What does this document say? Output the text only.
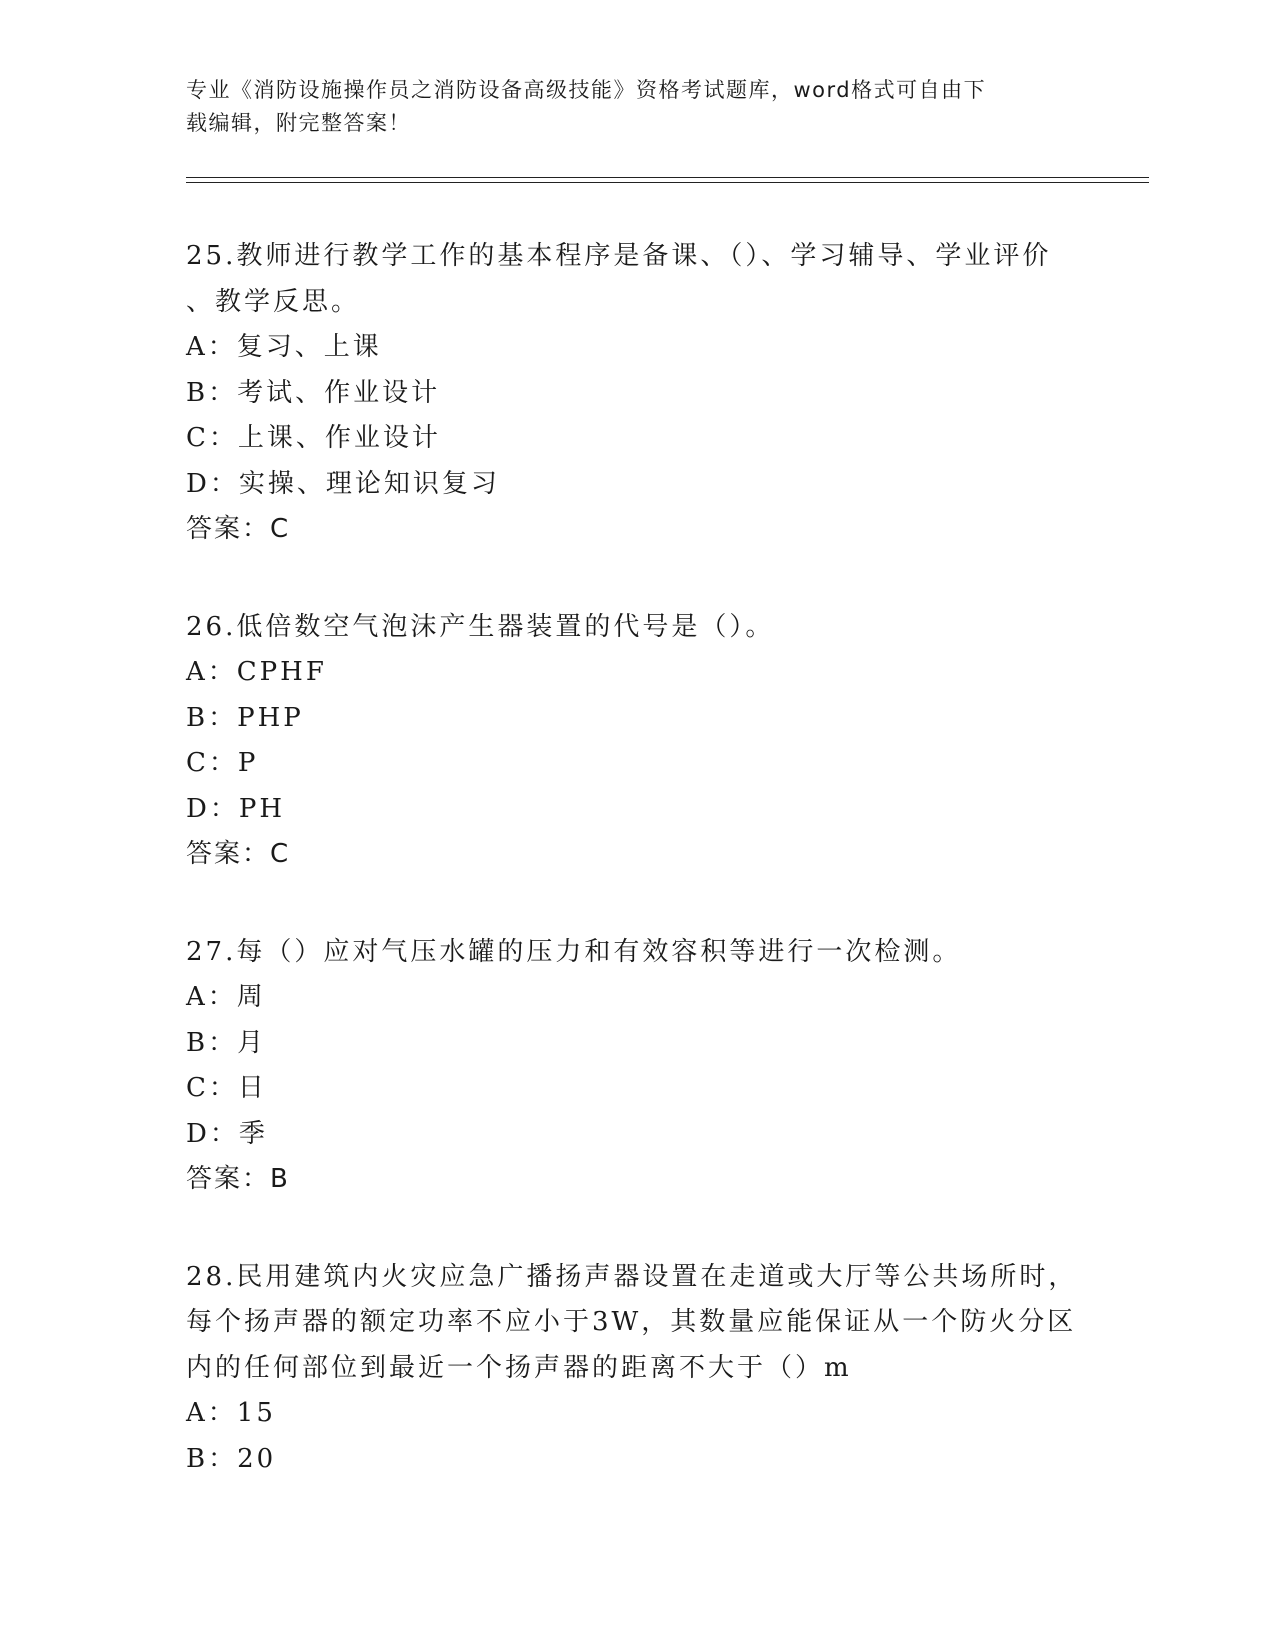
专业《消防设施操作员之消防设备高级技能》资格考试题库，word格式可自由下
载编辑，附完整答案！
25.教师进行教学工作的基本程序是备课、（）、学习辅导、学业评价
、教学反思。
A：复习、上课
B：考试、作业设计
C：上课、作业设计
D：实操、理论知识复习
答案：C
26.低倍数空气泡沫产生器装置的代号是（）。
A：CPHF
B：PHP
C：P
D：PH
答案：C
27.每（）应对气压水罐的压力和有效容积等进行一次检测。
A：周
B：月
C：日
D：季
答案：B
28.民用建筑内火灾应急广播扬声器设置在走道或大厅等公共场所时，
每个扬声器的额定功率不应小于3W，其数量应能保证从一个防火分区
内的任何部位到最近一个扬声器的距离不大于（）m
A：15
B：20
